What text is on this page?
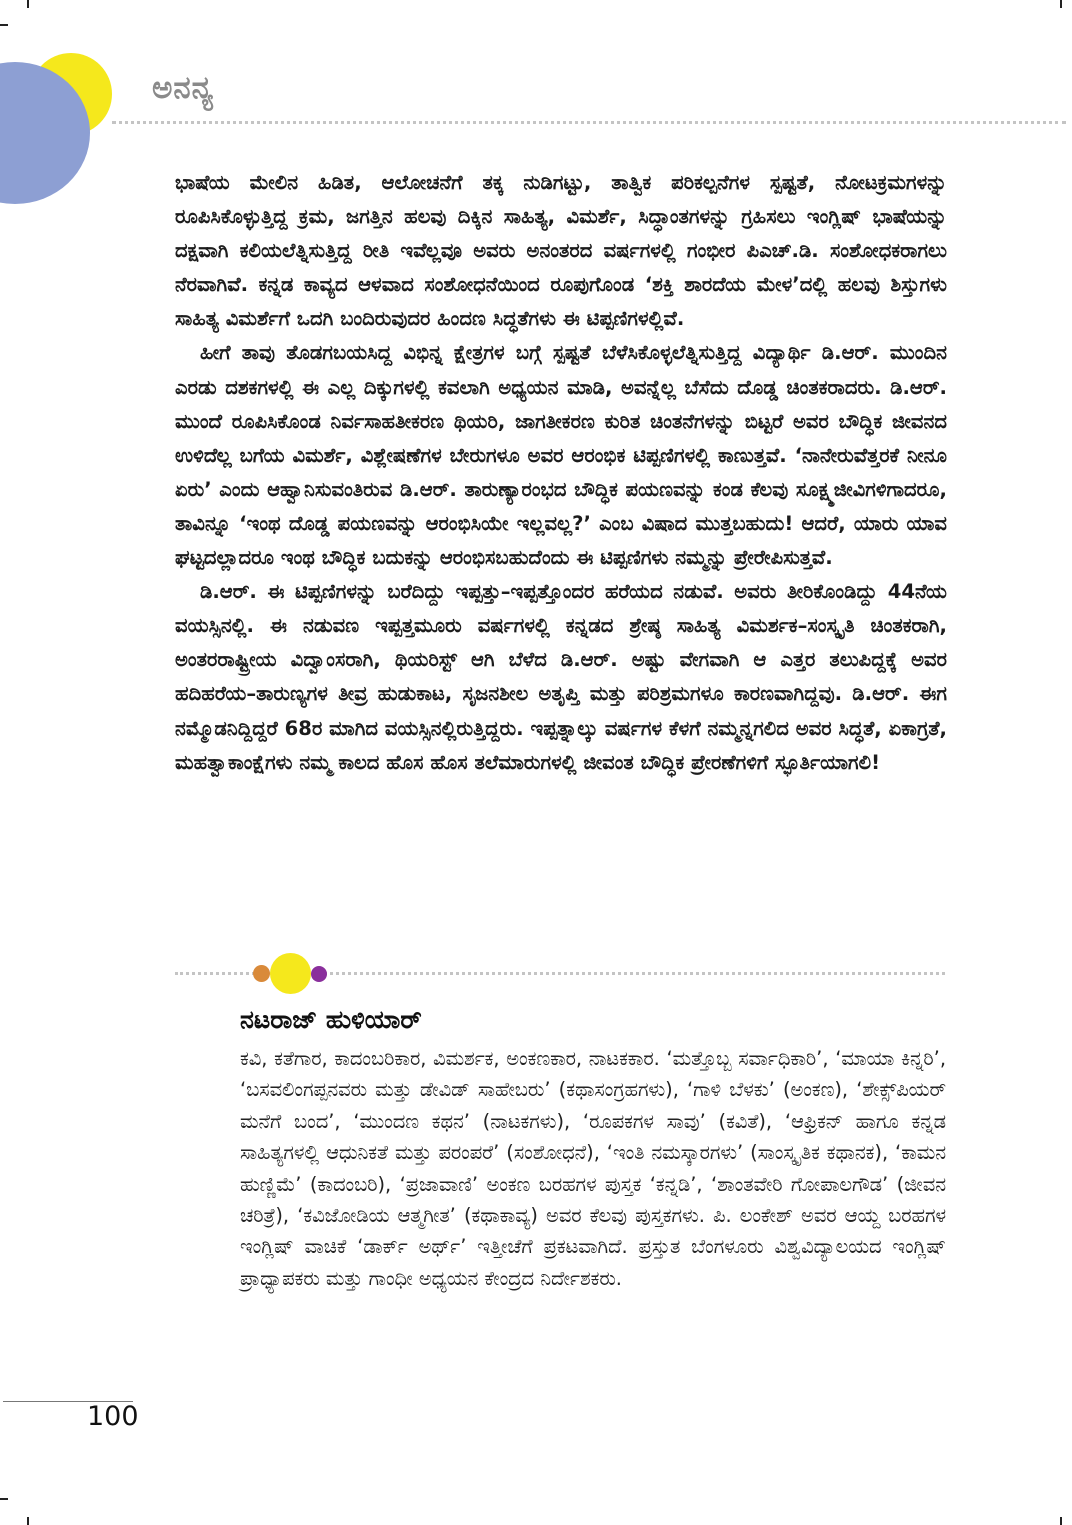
ಅನನ್ಯ

ಭಾಷೆಯ ಮೇಲಿನ ಹಿಡಿತ, ಆಲೋಚನೆಗೆ ತಕ್ಕ ನುಡಿಗಟ್ಟು, ತಾತ್ವಿಕ ಪರಿಕಲ್ಪನೆಗಳ ಸ್ಪಷ್ಟತೆ, ನೋಟಕ್ರಮಗಳನ್ನು ರೂಪಿಸಿಕೊಳ್ಳುತ್ತಿದ್ದ ಕ್ರಮ, ಜಗತ್ತಿನ ಹಲವು ದಿಕ್ಕಿನ ಸಾಹಿತ್ಯ, ವಿಮರ್ಶೆ, ಸಿದ್ಧಾಂತಗಳನ್ನು ಗ್ರಹಿಸಲು ಇಂಗ್ಲಿಷ್ ಭಾಷೆಯನ್ನು ದಕ್ಷವಾಗಿ ಕಲಿಯಲೆತ್ನಿಸುತ್ತಿದ್ದ ರೀತಿ ಇವೆಲ್ಲವೂ ಅವರು ಅನಂತರದ ವರ್ಷಗಳಲ್ಲಿ ಗಂಭೀರ ಪಿಎಚ್.ಡಿ. ಸಂಶೋಧಕರಾಗಲು ನೆರವಾಗಿವೆ. ಕನ್ನಡ ಕಾವ್ಯದ ಆಳವಾದ ಸಂಶೋಧನೆಯಿಂದ ರೂಪುಗೊಂಡ ‘ಶಕ್ತಿ ಶಾರದೆಯ ಮೇಳ’ದಲ್ಲಿ ಹಲವು ಶಿಸ್ತುಗಳು ಸಾಹಿತ್ಯ ವಿಮರ್ಶೆಗೆ ಒದಗಿ ಬಂದಿರುವುದರ ಹಿಂದಣ ಸಿದ್ಧತೆಗಳು ಈ ಟಿಪ್ಪಣಿಗಳಲ್ಲಿವೆ.

ಹೀಗೆ ತಾವು ತೊಡಗಬಯಸಿದ್ದ ವಿಭಿನ್ನ ಕ್ಷೇತ್ರಗಳ ಬಗ್ಗೆ ಸ್ಪಷ್ಟತೆ ಬೆಳೆಸಿಕೊಳ್ಳಲೆತ್ನಿಸುತ್ತಿದ್ದ ವಿದ್ಯಾರ್ಥಿ ಡಿ.ಆರ್. ಮುಂದಿನ ಎರಡು ದಶಕಗಳಲ್ಲಿ ಈ ಎಲ್ಲ ದಿಕ್ಕುಗಳಲ್ಲಿ ಕವಲಾಗಿ ಅಧ್ಯಯನ ಮಾಡಿ, ಅವನ್ನೆಲ್ಲ ಬೆಸೆದು ದೊಡ್ಡ ಚಿಂತಕರಾದರು. ಡಿ.ಆರ್. ಮುಂದೆ ರೂಪಿಸಿಕೊಂಡ ನಿರ್ವಸಾಹತೀಕರಣ ಥಿಯರಿ, ಜಾಗತೀಕರಣ ಕುರಿತ ಚಿಂತನೆಗಳನ್ನು ಬಿಟ್ಟರೆ ಅವರ ಬೌದ್ಧಿಕ ಜೀವನದ ಉಳಿದೆಲ್ಲ ಬಗೆಯ ವಿಮರ್ಶೆ, ವಿಶ್ಲೇಷಣೆಗಳ ಬೇರುಗಳೂ ಅವರ ಆರಂಭಿಕ ಟಿಪ್ಪಣಿಗಳಲ್ಲಿ ಕಾಣುತ್ತವೆ. ‘ನಾನೇರುವೆತ್ತರಕೆ ನೀನೂ ಏರು’ ಎಂದು ಆಹ್ವಾನಿಸುವಂತಿರುವ ಡಿ.ಆರ್. ತಾರುಣ್ಯಾರಂಭದ ಬೌದ್ಧಿಕ ಪಯಣವನ್ನು ಕಂಡ ಕೆಲವು ಸೂಕ್ಷ್ಮಜೀವಿಗಳಿಗಾದರೂ, ತಾವಿನ್ನೂ ‘ಇಂಥ ದೊಡ್ಡ ಪಯಣವನ್ನು ಆರಂಭಿಸಿಯೇ ಇಲ್ಲವಲ್ಲ?’ ಎಂಬ ವಿಷಾದ ಮುತ್ತಬಹುದು! ಆದರೆ, ಯಾರು ಯಾವ ಘಟ್ಟದಲ್ಲಾದರೂ ಇಂಥ ಬೌದ್ಧಿಕ ಬದುಕನ್ನು ಆರಂಭಿಸಬಹುದೆಂದು ಈ ಟಿಪ್ಪಣಿಗಳು ನಮ್ಮನ್ನು ಪ್ರೇರೇಪಿಸುತ್ತವೆ.

ಡಿ.ಆರ್. ಈ ಟಿಪ್ಪಣಿಗಳನ್ನು ಬರೆದಿದ್ದು ಇಪ್ಪತ್ತು–ಇಪ್ಪತ್ತೊಂದರ ಹರೆಯದ ನಡುವೆ. ಅವರು ತೀರಿಕೊಂಡಿದ್ದು 44ನೆಯ ವಯಸ್ಸಿನಲ್ಲಿ. ಈ ನಡುವಣ ಇಪ್ಪತ್ತಮೂರು ವರ್ಷಗಳಲ್ಲಿ ಕನ್ನಡದ ಶ್ರೇಷ್ಠ ಸಾಹಿತ್ಯ ವಿಮರ್ಶಕ–ಸಂಸ್ಕೃತಿ ಚಿಂತಕರಾಗಿ, ಅಂತರರಾಷ್ಟ್ರೀಯ ವಿದ್ವಾಂಸರಾಗಿ, ಥಿಯರಿಸ್ಟ್ ಆಗಿ ಬೆಳೆದ ಡಿ.ಆರ್. ಅಷ್ಟು ವೇಗವಾಗಿ ಆ ಎತ್ತರ ತಲುಪಿದ್ದಕ್ಕೆ ಅವರ ಹದಿಹರೆಯ–ತಾರುಣ್ಯಗಳ ತೀವ್ರ ಹುಡುಕಾಟ, ಸೃಜನಶೀಲ ಅತೃಪ್ತಿ ಮತ್ತು ಪರಿಶ್ರಮಗಳೂ ಕಾರಣವಾಗಿದ್ದವು. ಡಿ.ಆರ್. ಈಗ ನಮ್ಮೊಡನಿದ್ದಿದ್ದರೆ 68ರ ಮಾಗಿದ ವಯಸ್ಸಿನಲ್ಲಿರುತ್ತಿದ್ದರು. ಇಪ್ಪತ್ನಾಲ್ಕು ವರ್ಷಗಳ ಕೆಳಗೆ ನಮ್ಮನ್ನಗಲಿದ ಅವರ ಸಿದ್ಧತೆ, ಏಕಾಗ್ರತೆ, ಮಹತ್ವಾಕಾಂಕ್ಷೆಗಳು ನಮ್ಮ ಕಾಲದ ಹೊಸ ಹೊಸ ತಲೆಮಾರುಗಳಲ್ಲಿ ಜೀವಂತ ಬೌದ್ಧಿಕ ಪ್ರೇರಣೆಗಳಿಗೆ ಸ್ಫೂರ್ತಿಯಾಗಲಿ!

ನಟರಾಜ್ ಹುಳಿಯಾರ್
ಕವಿ, ಕತೆಗಾರ, ಕಾದಂಬರಿಕಾರ, ವಿಮರ್ಶಕ, ಅಂಕಣಕಾರ, ನಾಟಕಕಾರ. ‘ಮತ್ತೊಬ್ಬ ಸರ್ವಾಧಿಕಾರಿ’, ‘ಮಾಯಾ ಕಿನ್ನರಿ’, ‘ಬಸವಲಿಂಗಪ್ಪನವರು ಮತ್ತು ಡೇವಿಡ್ ಸಾಹೇಬರು’ (ಕಥಾಸಂಗ್ರಹಗಳು), ‘ಗಾಳಿ ಬೆಳಕು’ (ಅಂಕಣ), ‘ಶೇಕ್ಸ್‌ಪಿಯರ್ ಮನೆಗೆ ಬಂದ’, ‘ಮುಂದಣ ಕಥನ’ (ನಾಟಕಗಳು), ‘ರೂಪಕಗಳ ಸಾವು’ (ಕವಿತೆ), ‘ಆಫ್ರಿಕನ್ ಹಾಗೂ ಕನ್ನಡ ಸಾಹಿತ್ಯಗಳಲ್ಲಿ ಆಧುನಿಕತೆ ಮತ್ತು ಪರಂಪರೆ’ (ಸಂಶೋಧನೆ), ‘ಇಂತಿ ನಮಸ್ಕಾರಗಳು’ (ಸಾಂಸ್ಕೃತಿಕ ಕಥಾನಕ), ‘ಕಾಮನ ಹುಣ್ಣಿಮೆ’ (ಕಾದಂಬರಿ), ‘ಪ್ರಜಾವಾಣಿ’ ಅಂಕಣ ಬರಹಗಳ ಪುಸ್ತಕ ‘ಕನ್ನಡಿ’, ‘ಶಾಂತವೇರಿ ಗೋಪಾಲಗೌಡ’ (ಜೀವನ ಚರಿತ್ರೆ), ‘ಕವಿಜೋಡಿಯ ಆತ್ಮಗೀತ’ (ಕಥಾಕಾವ್ಯ) ಅವರ ಕೆಲವು ಪುಸ್ತಕಗಳು. ಪಿ. ಲಂಕೇಶ್ ಅವರ ಆಯ್ದ ಬರಹಗಳ ಇಂಗ್ಲಿಷ್ ವಾಚಿಕೆ ‘ಡಾರ್ಕ್ ಅರ್ಥ್’ ಇತ್ತೀಚೆಗೆ ಪ್ರಕಟವಾಗಿದೆ. ಪ್ರಸ್ತುತ ಬೆಂಗಳೂರು ವಿಶ್ವವಿದ್ಯಾಲಯದ ಇಂಗ್ಲಿಷ್ ಪ್ರಾಧ್ಯಾಪಕರು ಮತ್ತು ಗಾಂಧೀ ಅಧ್ಯಯನ ಕೇಂದ್ರದ ನಿರ್ದೇಶಕರು.
100
